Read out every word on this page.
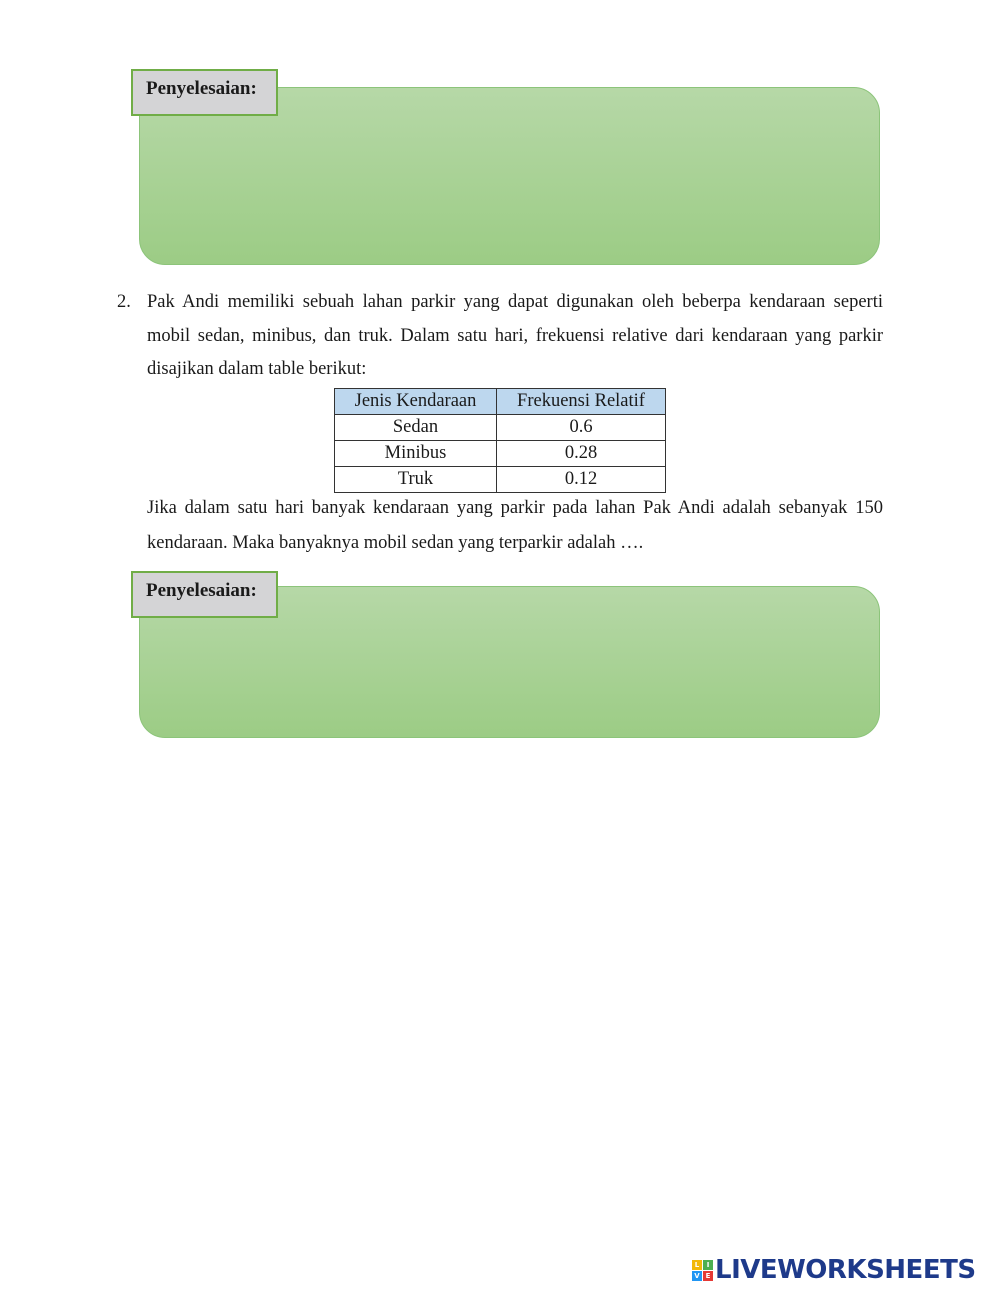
Penyelesaian:
2. Pak Andi memiliki sebuah lahan parkir yang dapat digunakan oleh beberpa kendaraan seperti mobil sedan, minibus, dan truk. Dalam satu hari, frekuensi relative dari kendaraan yang parkir disajikan dalam table berikut:
Jenis Kendaraan	Frekuensi Relatif
Sedan	0.6
Minibus	0.28
Truk	0.12
Jika dalam satu hari banyak kendaraan yang parkir pada lahan Pak Andi adalah sebanyak 150 kendaraan. Maka banyaknya mobil sedan yang terparkir adalah ….
Penyelesaian:
L	I
V E LIVEWORKSHEETS
